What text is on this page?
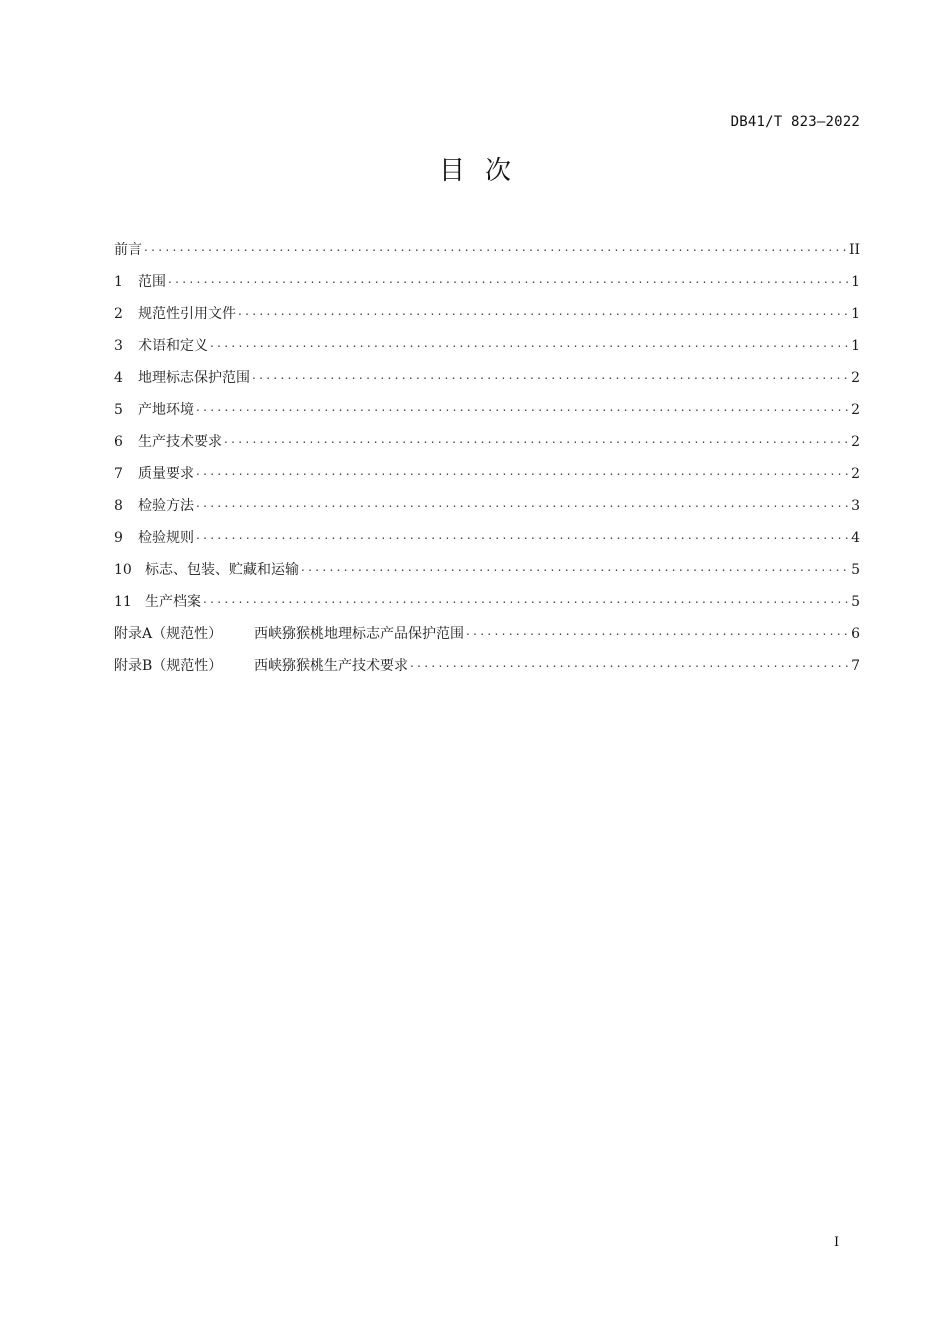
DB41/T 823—2022
目次
前言 . . .	II
1	范围 . . .	1
2	规范性引用文件 . . .	1
3	术语和定义 . . .	1
4	地理标志保护范围 . . .	2
5	产地环境 . . .	2
6	生产技术要求 . . .	2
7	质量要求 . . .	2
8	检验方法 . . .	3
9	检验规则 . . .	4
10 标志、包装、贮藏和运输 . . .	5
11 生产档案 . . .	5
附录A（规范性）	西峡猕猴桃地理标志产品保护范围 . . .	6
附录B（规范性）	西峡猕猴桃生产技术要求 . . .	7
I
